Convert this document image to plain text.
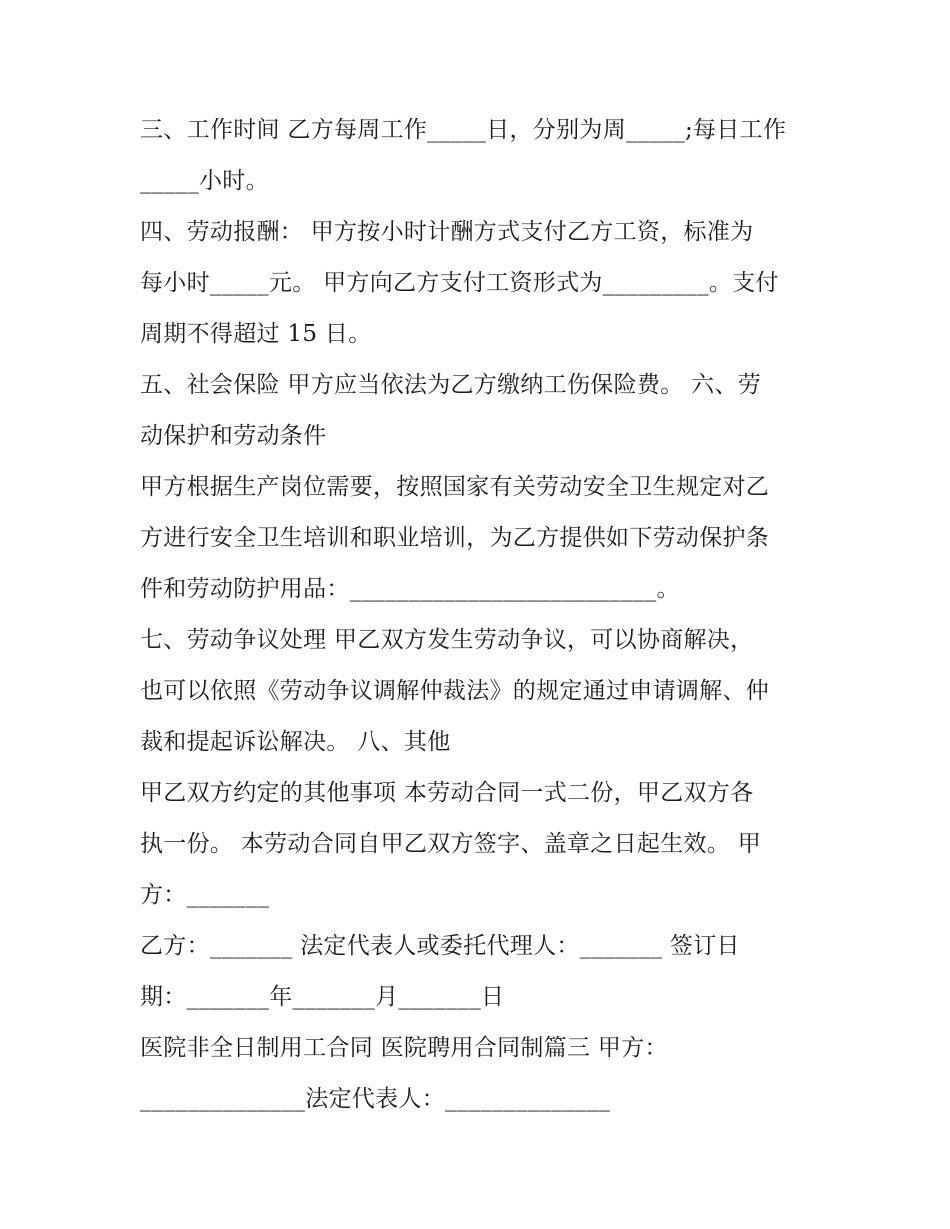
三、工作时间 乙方每周工作_____日，分别为周_____;每日工作
_____小时。
四、劳动报酬： 甲方按小时计酬方式支付乙方工资，标准为
每小时_____元。 甲方向乙方支付工资形式为_________。支付
周期不得超过 15 日。
五、社会保险 甲方应当依法为乙方缴纳工伤保险费。 六、劳
动保护和劳动条件
甲方根据生产岗位需要，按照国家有关劳动安全卫生规定对乙
方进行安全卫生培训和职业培训，为乙方提供如下劳动保护条
件和劳动防护用品：__________________________。
七、劳动争议处理 甲乙双方发生劳动争议，可以协商解决，
也可以依照《劳动争议调解仲裁法》的规定通过申请调解、仲
裁和提起诉讼解决。 八、其他
甲乙双方约定的其他事项 本劳动合同一式二份，甲乙双方各
执一份。 本劳动合同自甲乙双方签字、盖章之日起生效。 甲
方：_______
乙方：_______ 法定代表人或委托代理人：_______ 签订日
期：_______年_______月_______日
医院非全日制用工合同 医院聘用合同制篇三 甲方：
______________法定代表人：______________
